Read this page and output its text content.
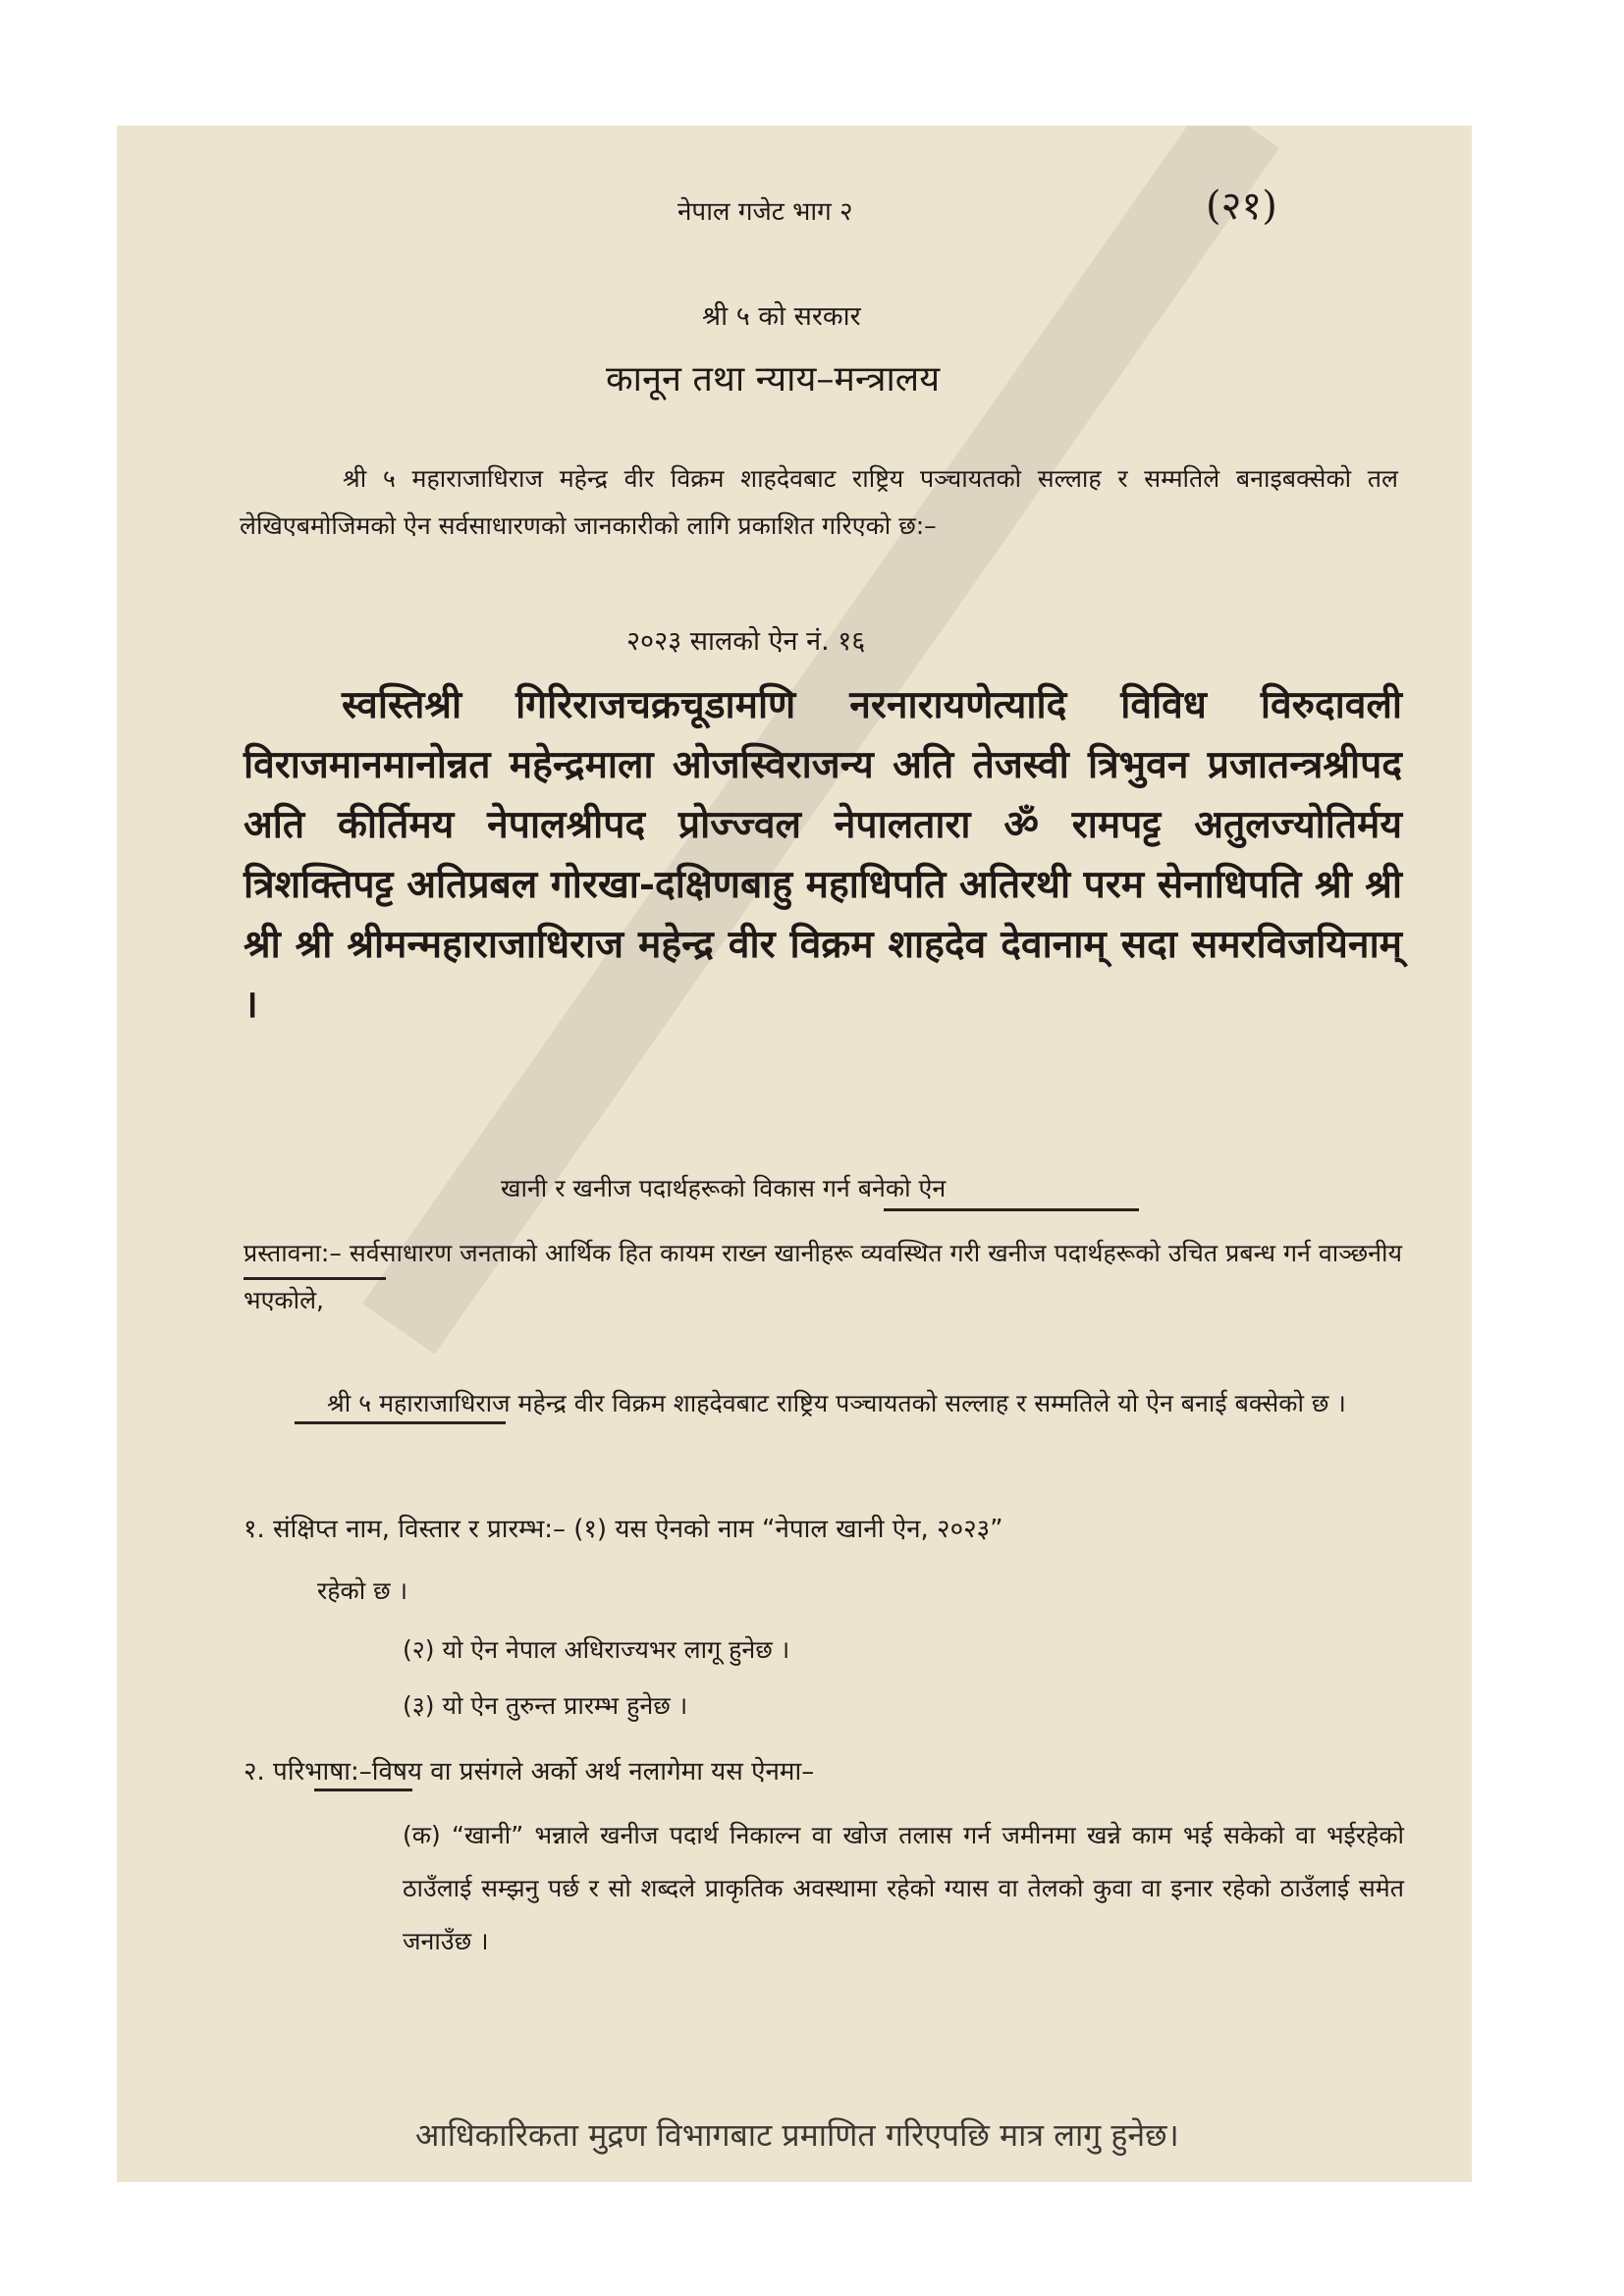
नेपाल गजेट भाग २	(२१)
श्री ५ को सरकार
कानून तथा न्याय–मन्त्रालय
श्री ५ महाराजाधिराज महेन्द्र वीर विक्रम शाहदेवबाट राष्ट्रिय पञ्चायतको सल्लाह र सम्मतिले बनाइबक्सेको तल लेखिएबमोजिमको ऐन सर्वसाधारणको जानकारीको लागि प्रकाशित गरिएको छ:–
२०२३ सालको ऐन नं. १६
स्वस्तिश्री गिरिराजचक्रचूडामणि नरनारायणेत्यादि विविध विरुदावली विराजमानमानोन्नत महेन्द्रमाला ओजस्विराजन्य अति तेजस्वी त्रिभुवन प्रजातन्त्रश्रीपद अति कीर्तिमय नेपालश्रीपद प्रोज्ज्वल नेपालतारा ॐ रामपट्ट अतुलज्योतिर्मय त्रिशक्तिपट्ट अतिप्रबल गोरखा-दक्षिणबाहु महाधिपति अतिरथी परम सेनाधिपति श्री श्री श्री श्री श्रीमन्महाराजाधिराज महेन्द्र वीर विक्रम शाहदेव देवानाम् सदा समरविजयिनाम् ।
खानी र खनीज पदार्थहरूको विकास गर्न बनेको ऐन
प्रस्तावना:– सर्वसाधारण जनताको आर्थिक हित कायम राख्न खानीहरू व्यवस्थित गरी खनीज पदार्थहरूको उचित प्रबन्ध गर्न वाञ्छनीय भएकोले,
श्री ५ महाराजाधिराज महेन्द्र वीर विक्रम शाहदेवबाट राष्ट्रिय पञ्चायतको सल्लाह र सम्मतिले यो ऐन बनाई बक्सेको छ ।
१. संक्षिप्त नाम, विस्तार र प्रारम्भ:– (१) यस ऐनको नाम “नेपाल खानी ऐन, २०२३”
रहेको छ ।
(२) यो ऐन नेपाल अधिराज्यभर लागू हुनेछ ।
(३) यो ऐन तुरुन्त प्रारम्भ हुनेछ ।
२. परिभाषा:–विषय वा प्रसंगले अर्को अर्थ नलागेमा यस ऐनमा–
(क) “खानी” भन्नाले खनीज पदार्थ निकाल्न वा खोज तलास गर्न जमीनमा खन्ने काम भई सकेको वा भईरहेको ठाउँलाई सम्झनु पर्छ र सो शब्दले प्राकृतिक अवस्थामा रहेको ग्यास वा तेलको कुवा वा इनार रहेको ठाउँलाई समेत जनाउँछ ।
आधिकारिकता मुद्रण विभागबाट प्रमाणित गरिएपछि मात्र लागु हुनेछ।
